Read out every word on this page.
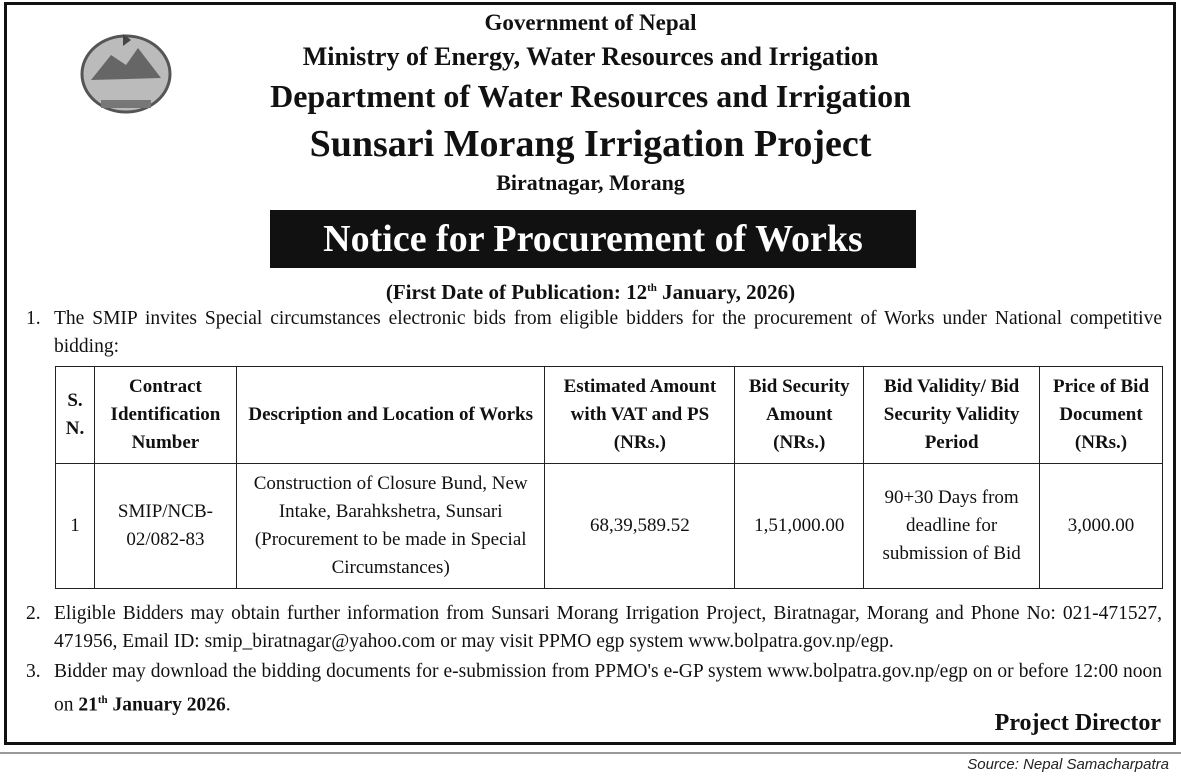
Government of Nepal
Ministry of Energy, Water Resources and Irrigation
Department of Water Resources and Irrigation
Sunsari Morang Irrigation Project
Biratnagar, Morang
Notice for Procurement of Works
(First Date of Publication: 12th January, 2026)
1. The SMIP invites Special circumstances electronic bids from eligible bidders for the procurement of Works under National competitive bidding:
S. N.	Contract Identification Number	Description and Location of Works	Estimated Amount with VAT and PS (NRs.)	Bid Security Amount (NRs.)	Bid Validity/ Bid Security Validity Period	Price of Bid Document (NRs.)
1	SMIP/NCB-02/082-83	Construction of Closure Bund, New Intake, Barahkshetra, Sunsari (Procurement to be made in Special Circumstances)	68,39,589.52	1,51,000.00	90+30 Days from deadline for submission of Bid	3,000.00
2. Eligible Bidders may obtain further information from Sunsari Morang Irrigation Project, Biratnagar, Morang and Phone No: 021-471527, 471956, Email ID: smip_biratnagar@yahoo.com or may visit PPMO egp system www.bolpatra.gov.np/egp.
3. Bidder may download the bidding documents for e-submission from PPMO's e-GP system www.bolpatra.gov.np/egp on or before 12:00 noon on 21th January 2026.
Project Director
Source: Nepal Samacharpatra
